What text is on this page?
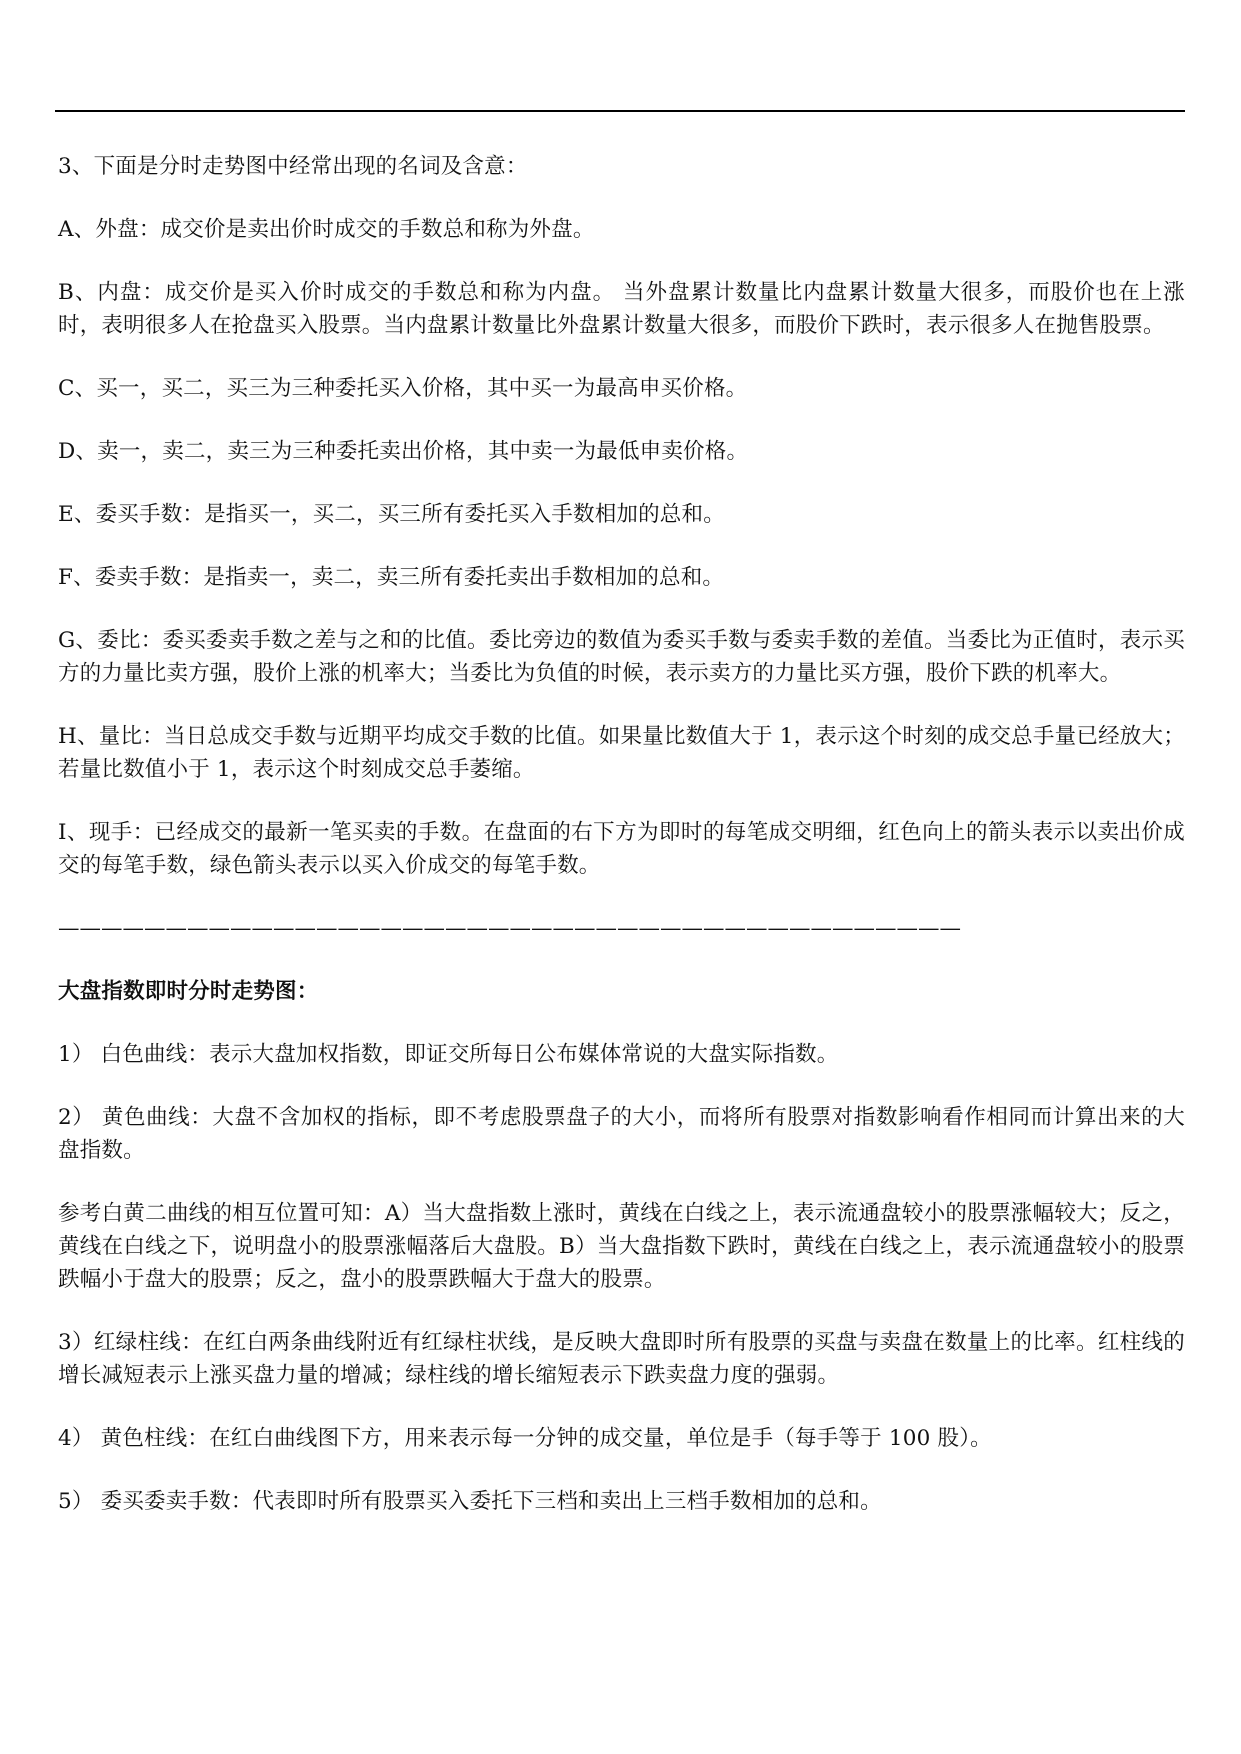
3、下面是分时走势图中经常出现的名词及含意：

A、外盘：成交价是卖出价时成交的手数总和称为外盘。

B、内盘：成交价是买入价时成交的手数总和称为内盘。 当外盘累计数量比内盘累计数量大很多，而股价也在上涨时，表明很多人在抢盘买入股票。当内盘累计数量比外盘累计数量大很多，而股价下跌时，表示很多人在抛售股票。

C、买一，买二，买三为三种委托买入价格，其中买一为最高申买价格。

D、卖一，卖二，卖三为三种委托卖出价格，其中卖一为最低申卖价格。

E、委买手数：是指买一，买二，买三所有委托买入手数相加的总和。

F、委卖手数：是指卖一，卖二，卖三所有委托卖出手数相加的总和。

G、委比：委买委卖手数之差与之和的比值。委比旁边的数值为委买手数与委卖手数的差值。当委比为正值时，表示买方的力量比卖方强，股价上涨的机率大；当委比为负值的时候，表示卖方的力量比买方强，股价下跌的机率大。

H、量比：当日总成交手数与近期平均成交手数的比值。如果量比数值大于 1，表示这个时刻的成交总手量已经放大；若量比数值小于 1，表示这个时刻成交总手萎缩。

I、现手：已经成交的最新一笔买卖的手数。在盘面的右下方为即时的每笔成交明细，红色向上的箭头表示以卖出价成交的每笔手数，绿色箭头表示以买入价成交的每笔手数。

——————————————————————————————————————————

大盘指数即时分时走势图：

1） 白色曲线：表示大盘加权指数，即证交所每日公布媒体常说的大盘实际指数。

2） 黄色曲线：大盘不含加权的指标，即不考虑股票盘子的大小，而将所有股票对指数影响看作相同而计算出来的大盘指数。

参考白黄二曲线的相互位置可知：A）当大盘指数上涨时，黄线在白线之上，表示流通盘较小的股票涨幅较大；反之，黄线在白线之下，说明盘小的股票涨幅落后大盘股。B）当大盘指数下跌时，黄线在白线之上，表示流通盘较小的股票跌幅小于盘大的股票；反之，盘小的股票跌幅大于盘大的股票。

3）红绿柱线：在红白两条曲线附近有红绿柱状线，是反映大盘即时所有股票的买盘与卖盘在数量上的比率。红柱线的增长减短表示上涨买盘力量的增减；绿柱线的增长缩短表示下跌卖盘力度的强弱。

4） 黄色柱线：在红白曲线图下方，用来表示每一分钟的成交量，单位是手（每手等于 100 股）。

5） 委买委卖手数：代表即时所有股票买入委托下三档和卖出上三档手数相加的总和。
